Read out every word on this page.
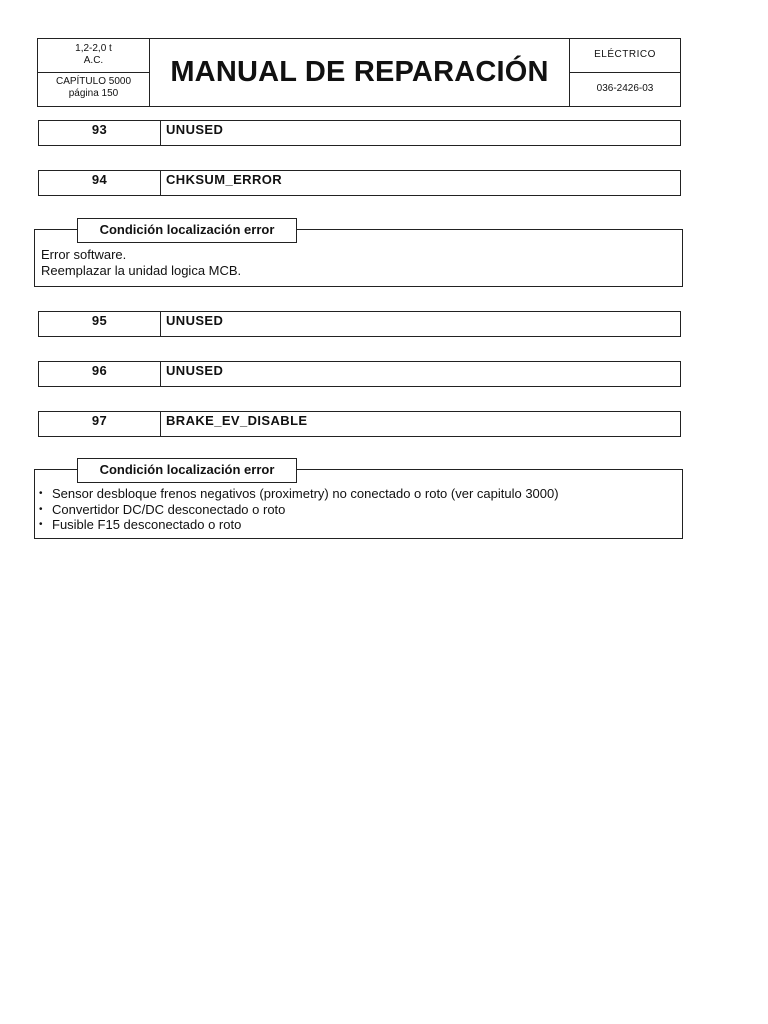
1,2-2,0 t
A.C.
CAPÍTULO 5000
página 150
MANUAL DE REPARACIÓN
ELÉCTRICO
036-2426-03
93	UNUSED
94	CHKSUM_ERROR
Condición localización error
Error software.
Reemplazar la unidad logica MCB.
95	UNUSED
96	UNUSED
97	BRAKE_EV_DISABLE
Condición localización error
• Sensor desbloque frenos negativos (proximetry) no conectado o roto (ver capitulo 3000)
• Convertidor DC/DC desconectado o roto
• Fusible F15 desconectado o roto
